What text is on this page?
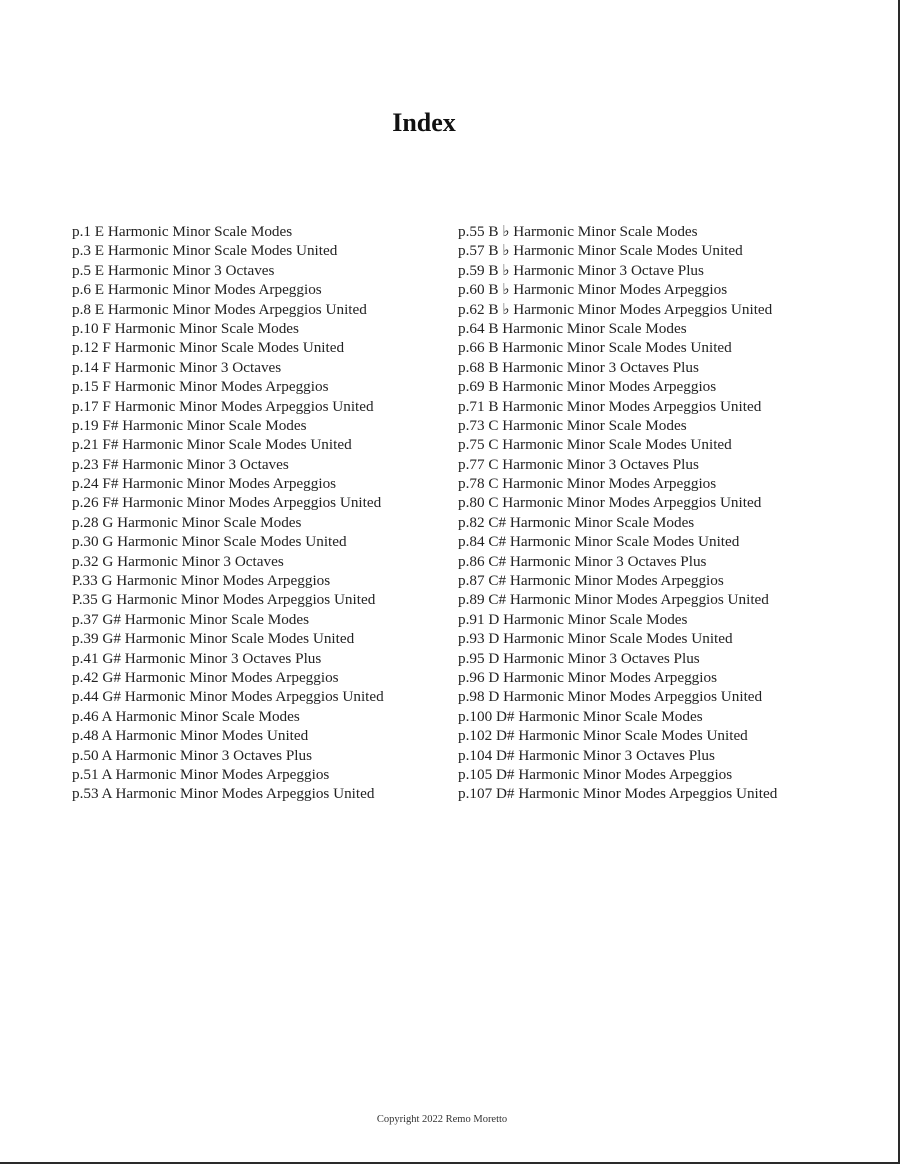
Index
p.1 E Harmonic Minor Scale Modes
p.3 E Harmonic Minor Scale Modes United
p.5 E Harmonic Minor 3 Octaves
p.6 E Harmonic Minor Modes Arpeggios
p.8 E Harmonic Minor Modes Arpeggios United
p.10 F Harmonic Minor Scale Modes
p.12 F Harmonic Minor Scale Modes United
p.14 F Harmonic Minor 3 Octaves
p.15 F Harmonic Minor Modes Arpeggios
p.17 F Harmonic Minor Modes Arpeggios United
p.19 F# Harmonic Minor Scale Modes
p.21 F# Harmonic Minor Scale Modes United
p.23 F# Harmonic Minor 3 Octaves
p.24 F# Harmonic Minor Modes Arpeggios
p.26 F# Harmonic Minor Modes Arpeggios United
p.28 G Harmonic Minor Scale Modes
p.30 G Harmonic Minor Scale Modes United
p.32 G Harmonic Minor 3 Octaves
P.33 G Harmonic Minor Modes Arpeggios
P.35 G Harmonic Minor Modes Arpeggios United
p.37 G# Harmonic Minor Scale Modes
p.39 G# Harmonic Minor Scale Modes United
p.41 G# Harmonic Minor 3 Octaves Plus
p.42 G# Harmonic Minor Modes Arpeggios
p.44 G# Harmonic Minor Modes Arpeggios United
p.46 A Harmonic Minor Scale Modes
p.48 A Harmonic Minor Modes United
p.50 A Harmonic Minor 3 Octaves Plus
p.51 A Harmonic Minor Modes Arpeggios
p.53 A Harmonic Minor Modes Arpeggios United
p.55 B ♭ Harmonic Minor Scale Modes
p.57 B ♭ Harmonic Minor Scale Modes United
p.59 B ♭ Harmonic Minor 3 Octave Plus
p.60 B ♭ Harmonic Minor Modes Arpeggios
p.62 B ♭ Harmonic Minor Modes Arpeggios United
p.64 B Harmonic Minor Scale Modes
p.66 B Harmonic Minor Scale Modes United
p.68 B Harmonic Minor 3 Octaves Plus
p.69 B Harmonic Minor Modes Arpeggios
p.71 B Harmonic Minor Modes Arpeggios United
p.73 C Harmonic Minor Scale Modes
p.75 C Harmonic Minor Scale Modes United
p.77 C Harmonic Minor 3 Octaves Plus
p.78 C Harmonic Minor Modes Arpeggios
p.80 C Harmonic Minor Modes Arpeggios United
p.82 C# Harmonic Minor Scale Modes
p.84 C# Harmonic Minor Scale Modes United
p.86 C# Harmonic Minor 3 Octaves Plus
p.87 C# Harmonic Minor Modes Arpeggios
p.89 C# Harmonic Minor Modes Arpeggios United
p.91 D Harmonic Minor Scale Modes
p.93 D Harmonic Minor Scale Modes United
p.95 D Harmonic Minor 3 Octaves Plus
p.96 D Harmonic Minor Modes Arpeggios
p.98 D Harmonic Minor Modes Arpeggios United
p.100 D# Harmonic Minor Scale Modes
p.102 D# Harmonic Minor Scale Modes United
p.104 D# Harmonic Minor 3 Octaves Plus
p.105 D# Harmonic Minor Modes Arpeggios
p.107 D# Harmonic Minor Modes Arpeggios United
Copyright 2022 Remo Moretto
